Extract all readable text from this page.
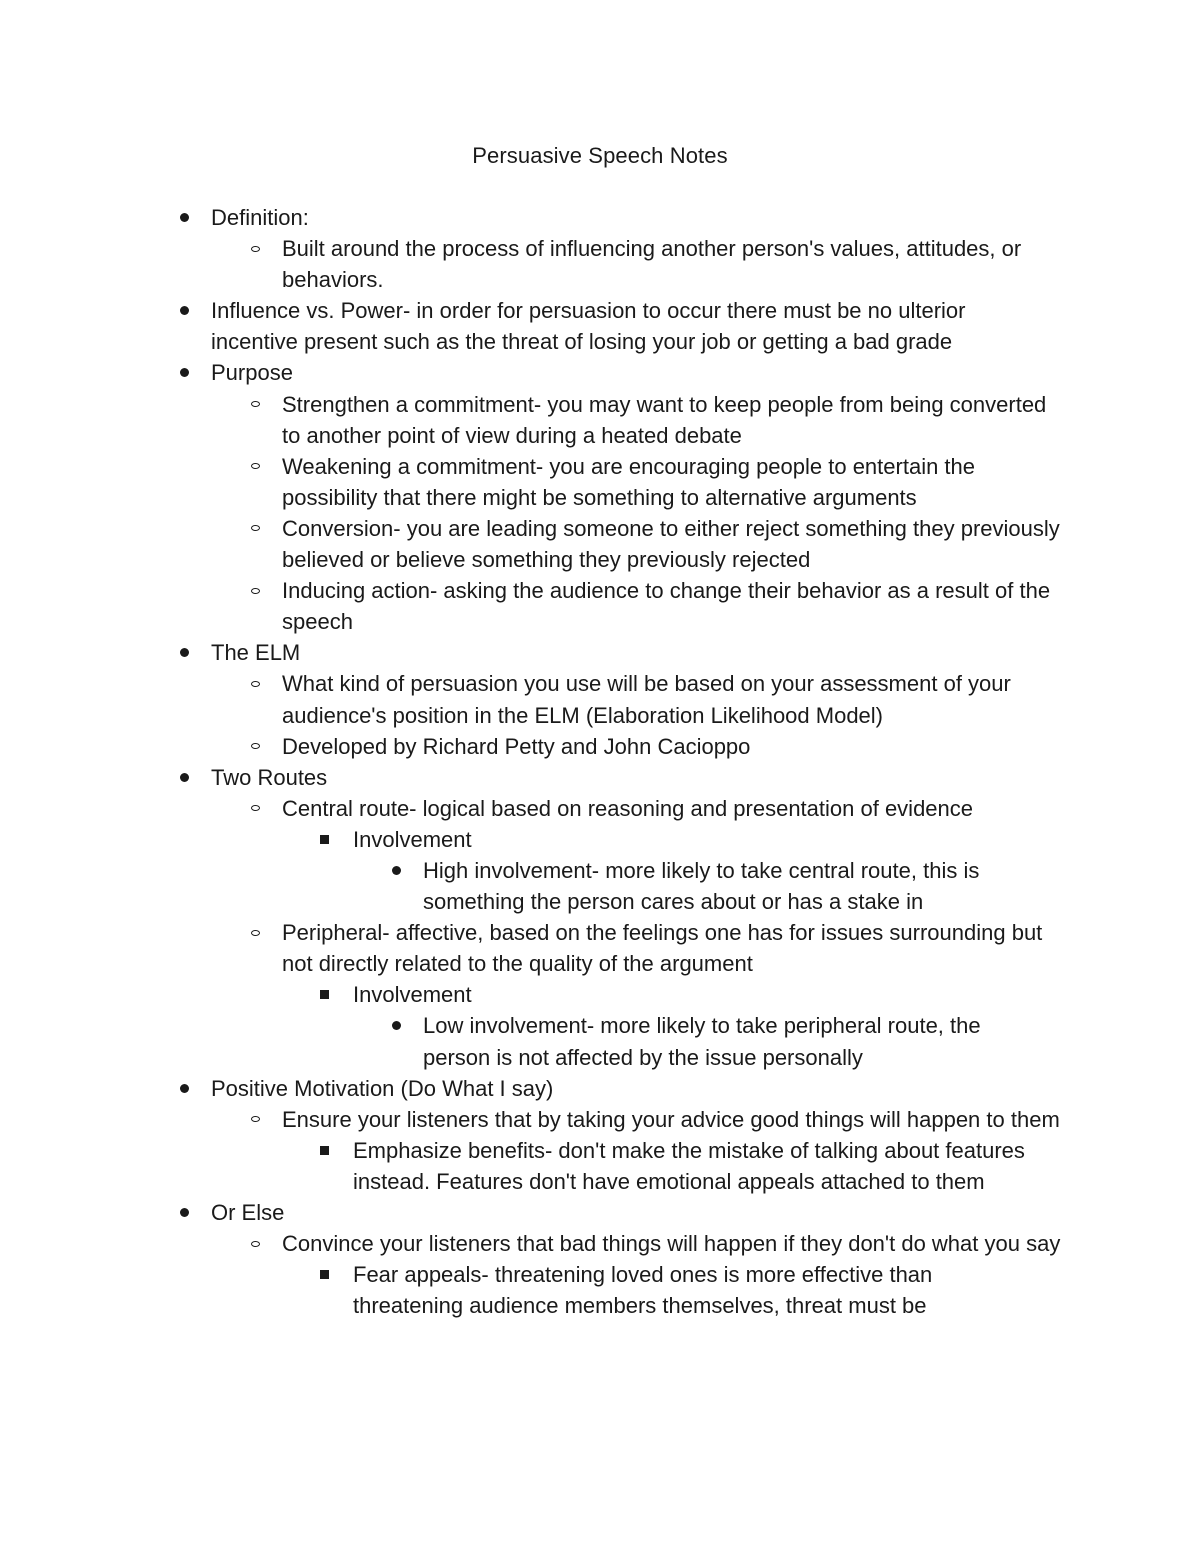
Persuasive Speech Notes
Definition:
Built around the process of influencing another person's values, attitudes, or behaviors.
Influence vs. Power- in order for persuasion to occur there must be no ulterior incentive present such as the threat of losing your job or getting a bad grade
Purpose
Strengthen a commitment- you may want to keep people from being converted to another point of view during a heated debate
Weakening a commitment- you are encouraging people to entertain the possibility that there might be something to alternative arguments
Conversion- you are leading someone to either reject something they previously believed or believe something they previously rejected
Inducing action- asking the audience to change their behavior as a result of the speech
The ELM
What kind of persuasion you use will be based on your assessment of your audience's position in the ELM (Elaboration Likelihood Model)
Developed by Richard Petty and John Cacioppo
Two Routes
Central route- logical based on reasoning and presentation of evidence
Involvement
High involvement- more likely to take central route, this is something the person cares about or has a stake in
Peripheral- affective, based on the feelings one has for issues surrounding but not directly related to the quality of the argument
Involvement
Low involvement- more likely to take peripheral route, the person is not affected by the issue personally
Positive Motivation (Do What I say)
Ensure your listeners that by taking your advice good things will happen to them
Emphasize benefits- don't make the mistake of talking about features instead. Features don't have emotional appeals attached to them
Or Else
Convince your listeners that bad things will happen if they don't do what you say
Fear appeals- threatening loved ones is more effective than threatening audience members themselves, threat must be
